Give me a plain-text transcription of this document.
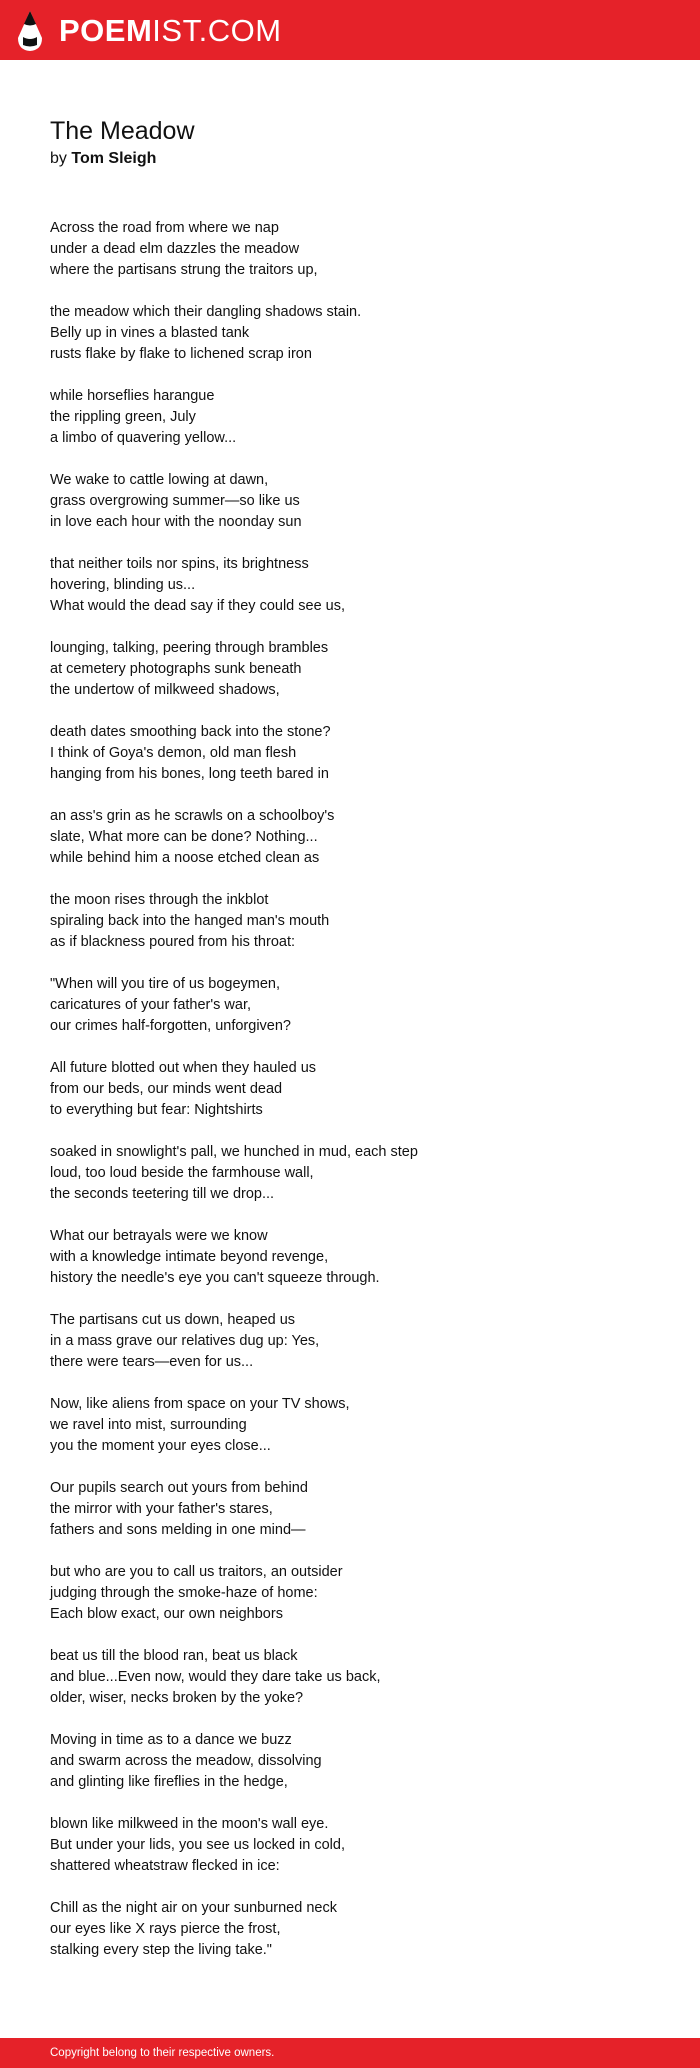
POEMIST.COM
The Meadow
by Tom Sleigh
Across the road from where we nap
under a dead elm dazzles the meadow
where the partisans strung the traitors up,
the meadow which their dangling shadows stain.
Belly up in vines a blasted tank
rusts flake by flake to lichened scrap iron
while horseflies harangue
the rippling green, July
a limbo of quavering yellow...
We wake to cattle lowing at dawn,
grass overgrowing summer—so like us
in love each hour with the noonday sun
that neither toils nor spins, its brightness
hovering, blinding us...
What would the dead say if they could see us,
lounging, talking, peering through brambles
at cemetery photographs sunk beneath
the undertow of milkweed shadows,
death dates smoothing back into the stone?
I think of Goya's demon, old man flesh
hanging from his bones, long teeth bared in
an ass's grin as he scrawls on a schoolboy's
slate, What more can be done? Nothing...
while behind him a noose etched clean as
the moon rises through the inkblot
spiraling back into the hanged man's mouth
as if blackness poured from his throat:
"When will you tire of us bogeymen,
caricatures of your father's war,
our crimes half-forgotten, unforgiven?
All future blotted out when they hauled us
from our beds, our minds went dead
to everything but fear: Nightshirts
soaked in snowlight's pall, we hunched in mud, each step
loud, too loud beside the farmhouse wall,
the seconds teetering till we drop...
What our betrayals were we know
with a knowledge intimate beyond revenge,
history the needle's eye you can't squeeze through.
The partisans cut us down, heaped us
in a mass grave our relatives dug up: Yes,
there were tears—even for us...
Now, like aliens from space on your TV shows,
we ravel into mist, surrounding
you the moment your eyes close...
Our pupils search out yours from behind
the mirror with your father's stares,
fathers and sons melding in one mind—
but who are you to call us traitors, an outsider
judging through the smoke-haze of home:
Each blow exact, our own neighbors
beat us till the blood ran, beat us black
and blue...Even now, would they dare take us back,
older, wiser, necks broken by the yoke?
Moving in time as to a dance we buzz
and swarm across the meadow, dissolving
and glinting like fireflies in the hedge,
blown like milkweed in the moon's wall eye.
But under your lids, you see us locked in cold,
shattered wheatstraw flecked in ice:
Chill as the night air on your sunburned neck
our eyes like X rays pierce the frost,
stalking every step the living take."
Copyright belong to their respective owners.
